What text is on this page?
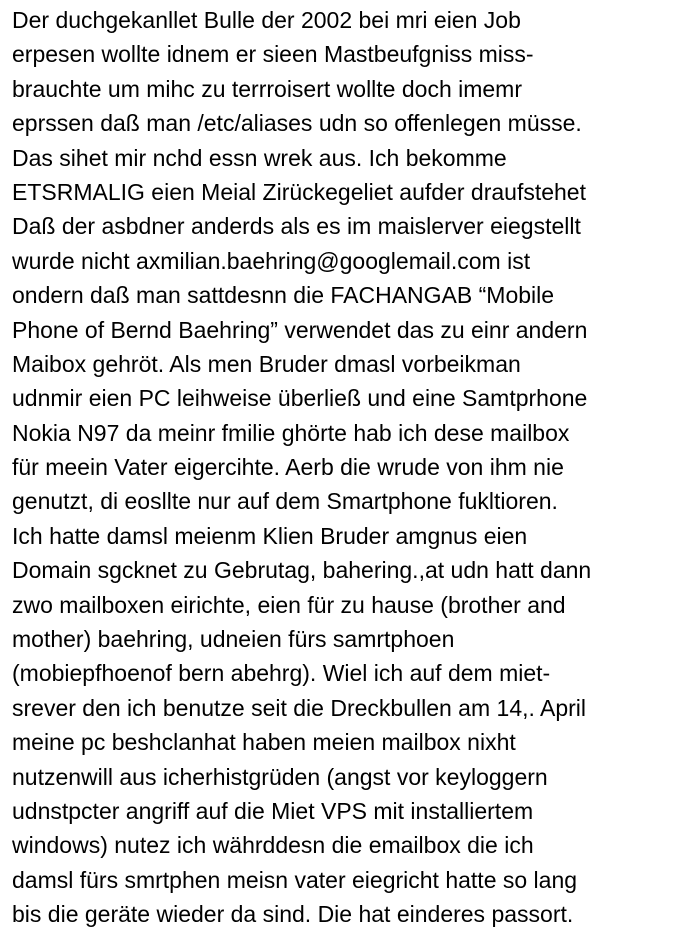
Der duchgekanllet Bulle der 2002 bei mri eien Job
erpesen wollte idnem er sieen Mastbeufgniss miss-
brauchte um mihc zu terrroisert wollte doch imemr
eprssen daß man /etc/aliases udn so offenlegen müsse.
Das sihet mir nchd essn wrek aus. Ich bekomme
ETSRMALIG eien Meial Zirückegeliet aufder draufstehet
Daß der asbdner anderds als es im maislerver eiegstellt
wurde nicht axmilian.baehring@googlemail.com ist
ondern daß man sattdesnn die FACHANGAB “Mobile
Phone of Bernd Baehring” verwendet das zu einr andern
Maibox gehröt. Als men Bruder dmasl vorbeikman
udnmir eien PC leihweise überließ und eine Samtprhone
Nokia N97 da meinr fmilie ghörte hab ich dese mailbox
für meein Vater eigercihte. Aerb die wrude von ihm nie
genutzt, di eosllte nur auf dem Smartphone fukltioren.
Ich hatte damsl meienm Klien Bruder amgnus eien
Domain sgcknet zu Gebrutag, bahering.,at udn hatt dann
zwo mailboxen eirichte, eien für zu hause (brother and
mother) baehring, udneien fürs samrtphoen
(mobiepfhoenof bern abehrg). Wiel ich auf dem miet-
srever den ich benutze seit die Dreckbullen am 14,. April
meine pc beshclanhat haben meien mailbox nixht
nutzenwill aus icherhistgrüden (angst vor keyloggern
udnstpcter angriff auf die Miet VPS mit installiertem
windows) nutez ich währddesn die emailbox die ich
damsl fürs smrtphen meisn vater eiegricht hatte so lang
bis die geräte wieder da sind. Die hat einderes passort.
